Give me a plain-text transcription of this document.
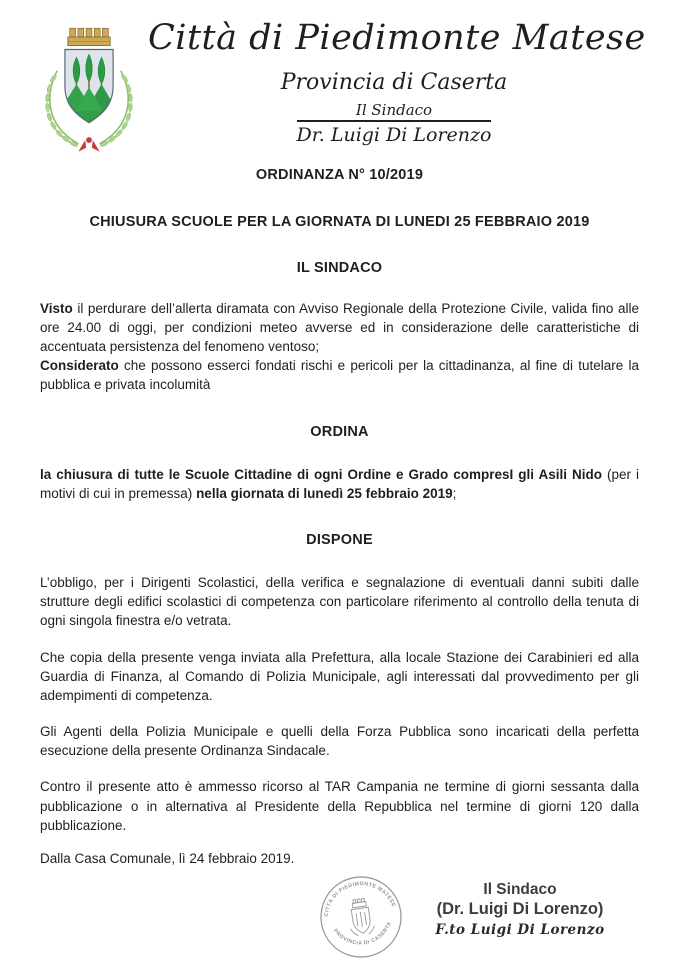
Città di Piedimonte Matese
Provincia di Caserta
Il Sindaco
Dr. Luigi Di Lorenzo
ORDINANZA N° 10/2019
CHIUSURA SCUOLE PER LA GIORNATA DI LUNEDI 25 FEBBRAIO 2019
IL SINDACO

Visto il perdurare dell’allerta diramata con Avviso Regionale della Protezione Civile, valida fino alle ore 24.00 di oggi, per condizioni meteo avverse ed in considerazione delle caratteristiche di accentuata persistenza del fenomeno ventoso;

Considerato che possono esserci fondati rischi e pericoli per la cittadinanza, al fine di tutelare la pubblica e privata incolumità

ORDINA

la chiusura di tutte le Scuole Cittadine di ogni Ordine e Grado compresI gli Asili Nido (per i motivi di cui in premessa) nella giornata di lunedì 25 febbraio 2019;

DISPONE

L’obbligo, per i Dirigenti Scolastici, della verifica e segnalazione di eventuali danni subiti dalle strutture degli edifici scolastici di competenza con particolare riferimento al controllo della tenuta di ogni singola finestra e/o vetrata.

Che copia della presente venga inviata alla Prefettura, alla locale Stazione dei Carabinieri ed alla Guardia di Finanza, al Comando di Polizia Municipale, agli interessati dal provvedimento per gli adempimenti di competenza.

Gli Agenti della Polizia Municipale e quelli della Forza Pubblica sono incaricati della perfetta esecuzione della presente Ordinanza Sindacale.

Contro il presente atto è ammesso ricorso al TAR Campania ne termine di giorni sessanta dalla pubblicazione o in alternativa al Presidente della Repubblica nel termine di giorni 120 dalla pubblicazione.

Dalla Casa Comunale, lì 24 febbraio 2019.

CITTÀ DI PIEDIMONTE MATESE
PROVINCIA DI CASERTA
Il Sindaco
(Dr. Luigi Di Lorenzo)
F.to Luigi Di Lorenzo
